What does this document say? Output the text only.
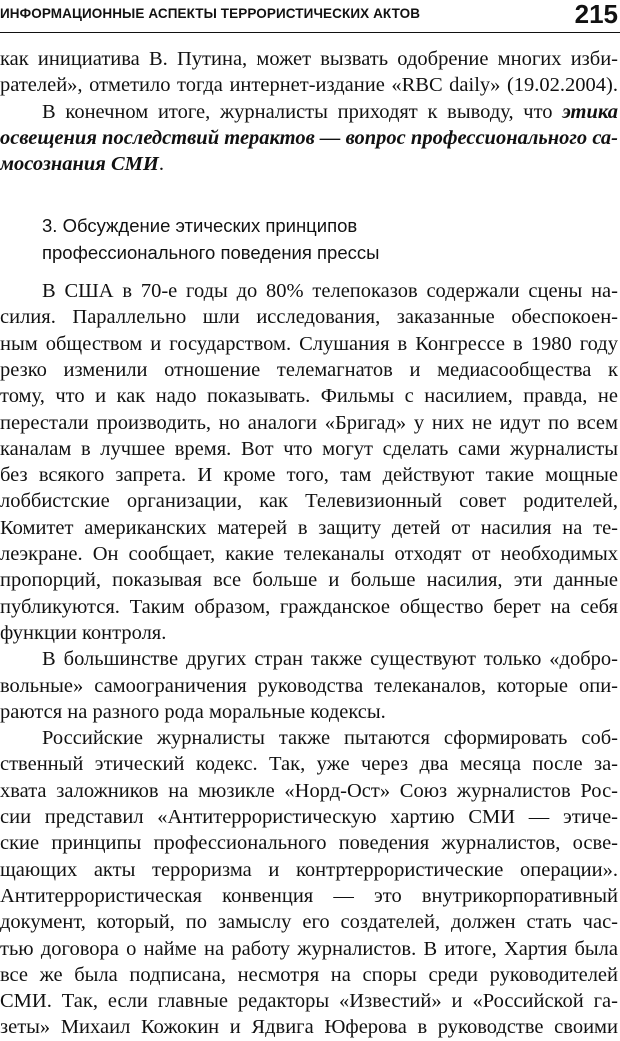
ИНФОРМАЦИОННЫЕ АСПЕКТЫ ТЕРРОРИСТИЧЕСКИХ АКТОВ	215
как инициатива В. Путина, может вызвать одобрение многих изби-
рателей», отметило тогда интернет-издание «RBC daily» (19.02.2004).
В конечном итоге, журналисты приходят к выводу, что этика
освещения последствий терактов — вопрос профессионального са-
мосознания СМИ.
3. Обсуждение этических принципов
профессионального поведения прессы
В США в 70-е годы до 80% телепоказов содержали сцены на-
силия. Параллельно шли исследования, заказанные обеспокоен-
ным обществом и государством. Слушания в Конгрессе в 1980 году
резко изменили отношение телемагнатов и медиасообщества к
тому, что и как надо показывать. Фильмы с насилием, правда, не
перестали производить, но аналоги «Бригад» у них не идут по всем
каналам в лучшее время. Вот что могут сделать сами журналисты
без всякого запрета. И кроме того, там действуют такие мощные
лоббистские организации, как Телевизионный совет родителей,
Комитет американских матерей в защиту детей от насилия на те-
леэкране. Он сообщает, какие телеканалы отходят от необходимых
пропорций, показывая все больше и больше насилия, эти данные
публикуются. Таким образом, гражданское общество берет на себя
функции контроля.
В большинстве других стран также существуют только «добро-
вольные» самоограничения руководства телеканалов, которые опи-
раются на разного рода моральные кодексы.
Российские журналисты также пытаются сформировать соб-
ственный этический кодекс. Так, уже через два месяца после за-
хвата заложников на мюзикле «Норд-Ост» Союз журналистов Рос-
сии представил «Антитеррористическую хартию СМИ — этиче-
ские принципы профессионального поведения журналистов, осве-
щающих акты терроризма и контртеррористические операции».
Антитеррористическая конвенция — это внутрикорпоративный
документ, который, по замыслу его создателей, должен стать час-
тью договора о найме на работу журналистов. В итоге, Хартия была
все же была подписана, несмотря на споры среди руководителей
СМИ. Так, если главные редакторы «Известий» и «Российской га-
зеты» Михаил Кожокин и Ядвига Юферова в руководстве своими
